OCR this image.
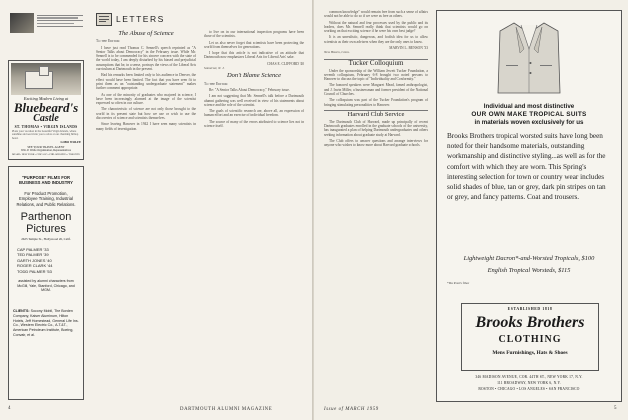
LETTERS
Exciting Modern Living at
Bluebeard's
Castle
ST. THOMAS • VIRGIN ISLANDS
Plans your vacation in the beautiful Virgin Islands, where sunshine and sea invite you to relax at our charming hilltop hotel.
LOBO WOLFE
SEE YOUR TRAVEL AGENT
Wm. P. Wolfe Organization, Representatives
MIAMI • NEW YORK • CHICAGO • PHILADELPHIA • TORONTO
"PURPOSE" FILMS FOR BUSINESS AND INDUSTRY
For Product Promotion,
Employee Training, Industrial
Relations, and Public Relations.
Parthenon
Pictures
2625 Temple St., Hollywood 26, Calif.
CAP PALMER '33
TED PALMER '39
GARTH JONES '40
ROGER CLARK '44
TODD PALMER '53
assisted by alumni characters from McGill, Yale, Stanford, Chicago, and MGM.
CLIENTS: Socony Mobil, The Borden Company, Kaiser Aluminum, Hilton Hotels, Jeff Homestead, General Life Ins. Co., Western Electric Co., A.T.&T., American Petroleum Institute, Boeing, Convair, et al.
The Abuse of Science
To the Editor:

I have just read Thomas C. Sennell's speech reprinted as "A Senior Talks about Democracy" in the February issue. While Mr. Sennell is to be commended for his sincere concern with the state of the world today, I am deeply disturbed by his biased and prejudicial assumptions that he, in a sense, portrays the views of the Liberal Arts curriculum at Dartmouth in the present.

Had his remarks been limited only to his audience in Denver, the effect would have been limited. The fact that you have seen fit to print them as an "outstanding undergraduate statement" makes further comment appropriate.

As one of the minority of graduates who majored in science, I have been increasingly alarmed at the image of the scientist expressed so often in our culture.

The characteristic of science are not only those brought to the world in its present state but how we use or wish to use the discoveries of science and scientists themselves.

Since leaving Hanover in 1942 I have seen many scientists in many fields of investigation.

to live on in our international inspection programs have been those of the scientists.

Let us also never forget that scientists have been protecting the world from themselves for generations.

I hope that this article is not indicative of an attitude that Dartmouth now emphasizes Liberal Arts for Liberal Arts' sake.

CHAS E. CLIFFORD '40
Somerset, N. J.
Don't Blame Science
To the Editor:

Re: "A Senior Talks About Democracy," February issue.

I am not suggesting that Mr. Sennell's talk before a Dartmouth alumni gathering was well received in view of his statements about science and the role of the scientist.

The goals of scientific research are, above all, an expression of human effort and an exercise of individual freedom.

The source of many of the errors attributed to science lies not in science itself.

4	DARTMOUTH ALUMNI MAGAZINE

common knowledge" would remain free from such a sense of affairs would not be able to do so if we were as free as others.

Without the natural and fear processes used by the public and its leaders, does Mr. Sennell really think that scientists would go on working on that exciting science if he were his own best judge?

It is an unrealistic, dangerous, and foolish idea for us to allow scientists as their own advisers when they are the only ones to know.

MARVIN L. BENSON '33
New Haven, Conn.
Tucker Colloquium

Under the sponsorship of the William Jewett Tucker Foundation, a seventh colloquium, February 6-8 brought two noted persons to Hanover to discuss the topic of "Individuality and Conformity."

The honored speakers were Margaret Mead, famed anthropologist, and J. Irwin Miller, a businessman and former president of the National Council of Churches.

The colloquium was part of the Tucker Foundation's program of bringing stimulating personalities to Hanover.

Harvard Club Service

The Dartmouth Club of Harvard, made up principally of recent Dartmouth graduates enrolled in the graduate schools of the university, has inaugurated a plan of helping Dartmouth undergraduates and others seeking information about graduate study at Harvard.

The Club offers to answer questions and arrange interviews for anyone who wishes to know more about Harvard graduate schools.

Individual and most distinctive
OUR OWN MAKE TROPICAL SUITS
in materials woven exclusively for us
Brooks Brothers tropical worsted suits have long been noted for their handsome materials, outstanding workmanship and distinctive styling...as well as for the comfort with which they are worn. This Spring's interesting selection for town or country wear includes solid shades of blue, tan or grey, dark pin stripes on tan or grey, and fancy patterns. Coat and trousers.
Lightweight Dacron*-and-Worsted Tropicals, $100
English Tropical Worsteds, $115
*Du Pont's fiber
ESTABLISHED 1818
Brooks Brothers
CLOTHING
Mens Furnishings, Hats & Shoes
346 MADISON AVENUE, COR. 44TH ST., NEW YORK 17, N.Y.
111 BROADWAY, NEW YORK 6, N.Y.
BOSTON • CHICAGO • LOS ANGELES • SAN FRANCISCO
Issue of MARCH 1959	5
